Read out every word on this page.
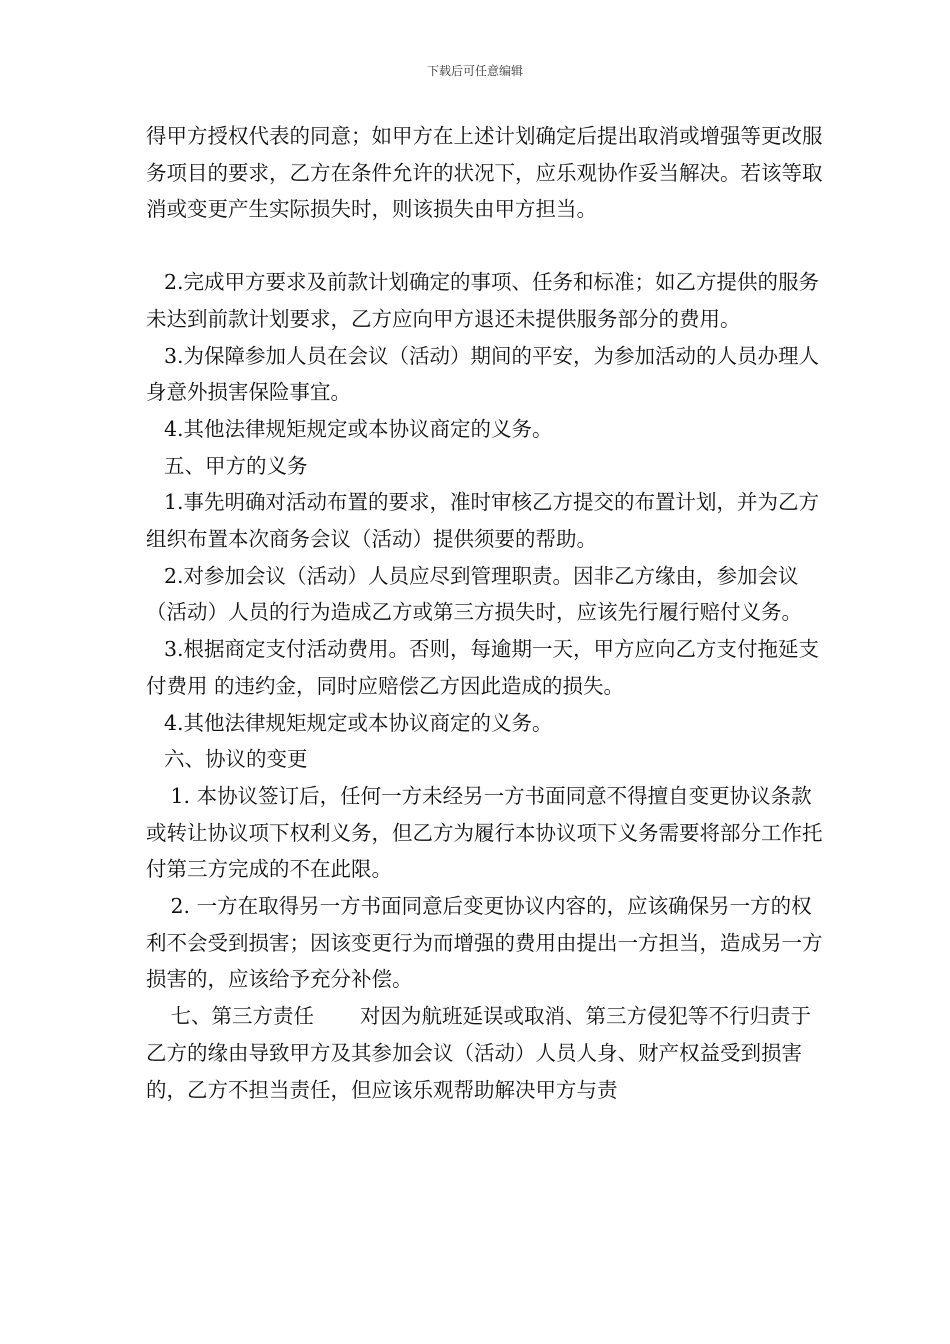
下载后可任意编辑

得甲方授权代表的同意；如甲方在上述计划确定后提出取消或增强等更改服务项目的要求，乙方在条件允许的状况下，应乐观协作妥当解决。若该等取消或变更产生实际损失时，则该损失由甲方担当。

2.完成甲方要求及前款计划确定的事项、任务和标准；如乙方提供的服务未达到前款计划要求，乙方应向甲方退还未提供服务部分的费用。

3.为保障参加人员在会议（活动）期间的平安，为参加活动的人员办理人身意外损害保险事宜。

4.其他法律规矩规定或本协议商定的义务。

五、甲方的义务

1.事先明确对活动布置的要求，准时审核乙方提交的布置计划，并为乙方组织布置本次商务会议（活动）提供须要的帮助。

2.对参加会议（活动）人员应尽到管理职责。因非乙方缘由，参加会议（活动）人员的行为造成乙方或第三方损失时，应该先行履行赔付义务。

3.根据商定支付活动费用。否则，每逾期一天，甲方应向乙方支付拖延支付费用 的违约金，同时应赔偿乙方因此造成的损失。

4.其他法律规矩规定或本协议商定的义务。

六、协议的变更

1. 本协议签订后，任何一方未经另一方书面同意不得擅自变更协议条款或转让协议项下权利义务，但乙方为履行本协议项下义务需要将部分工作托付第三方完成的不在此限。

2. 一方在取得另一方书面同意后变更协议内容的，应该确保另一方的权利不会受到损害；因该变更行为而增强的费用由提出一方担当，造成另一方损害的，应该给予充分补偿。

七、第三方责任 对因为航班延误或取消、第三方侵犯等不行归责于乙方的缘由导致甲方及其参加会议（活动）人员人身、财产权益受到损害的，乙方不担当责任，但应该乐观帮助解决甲方与责
